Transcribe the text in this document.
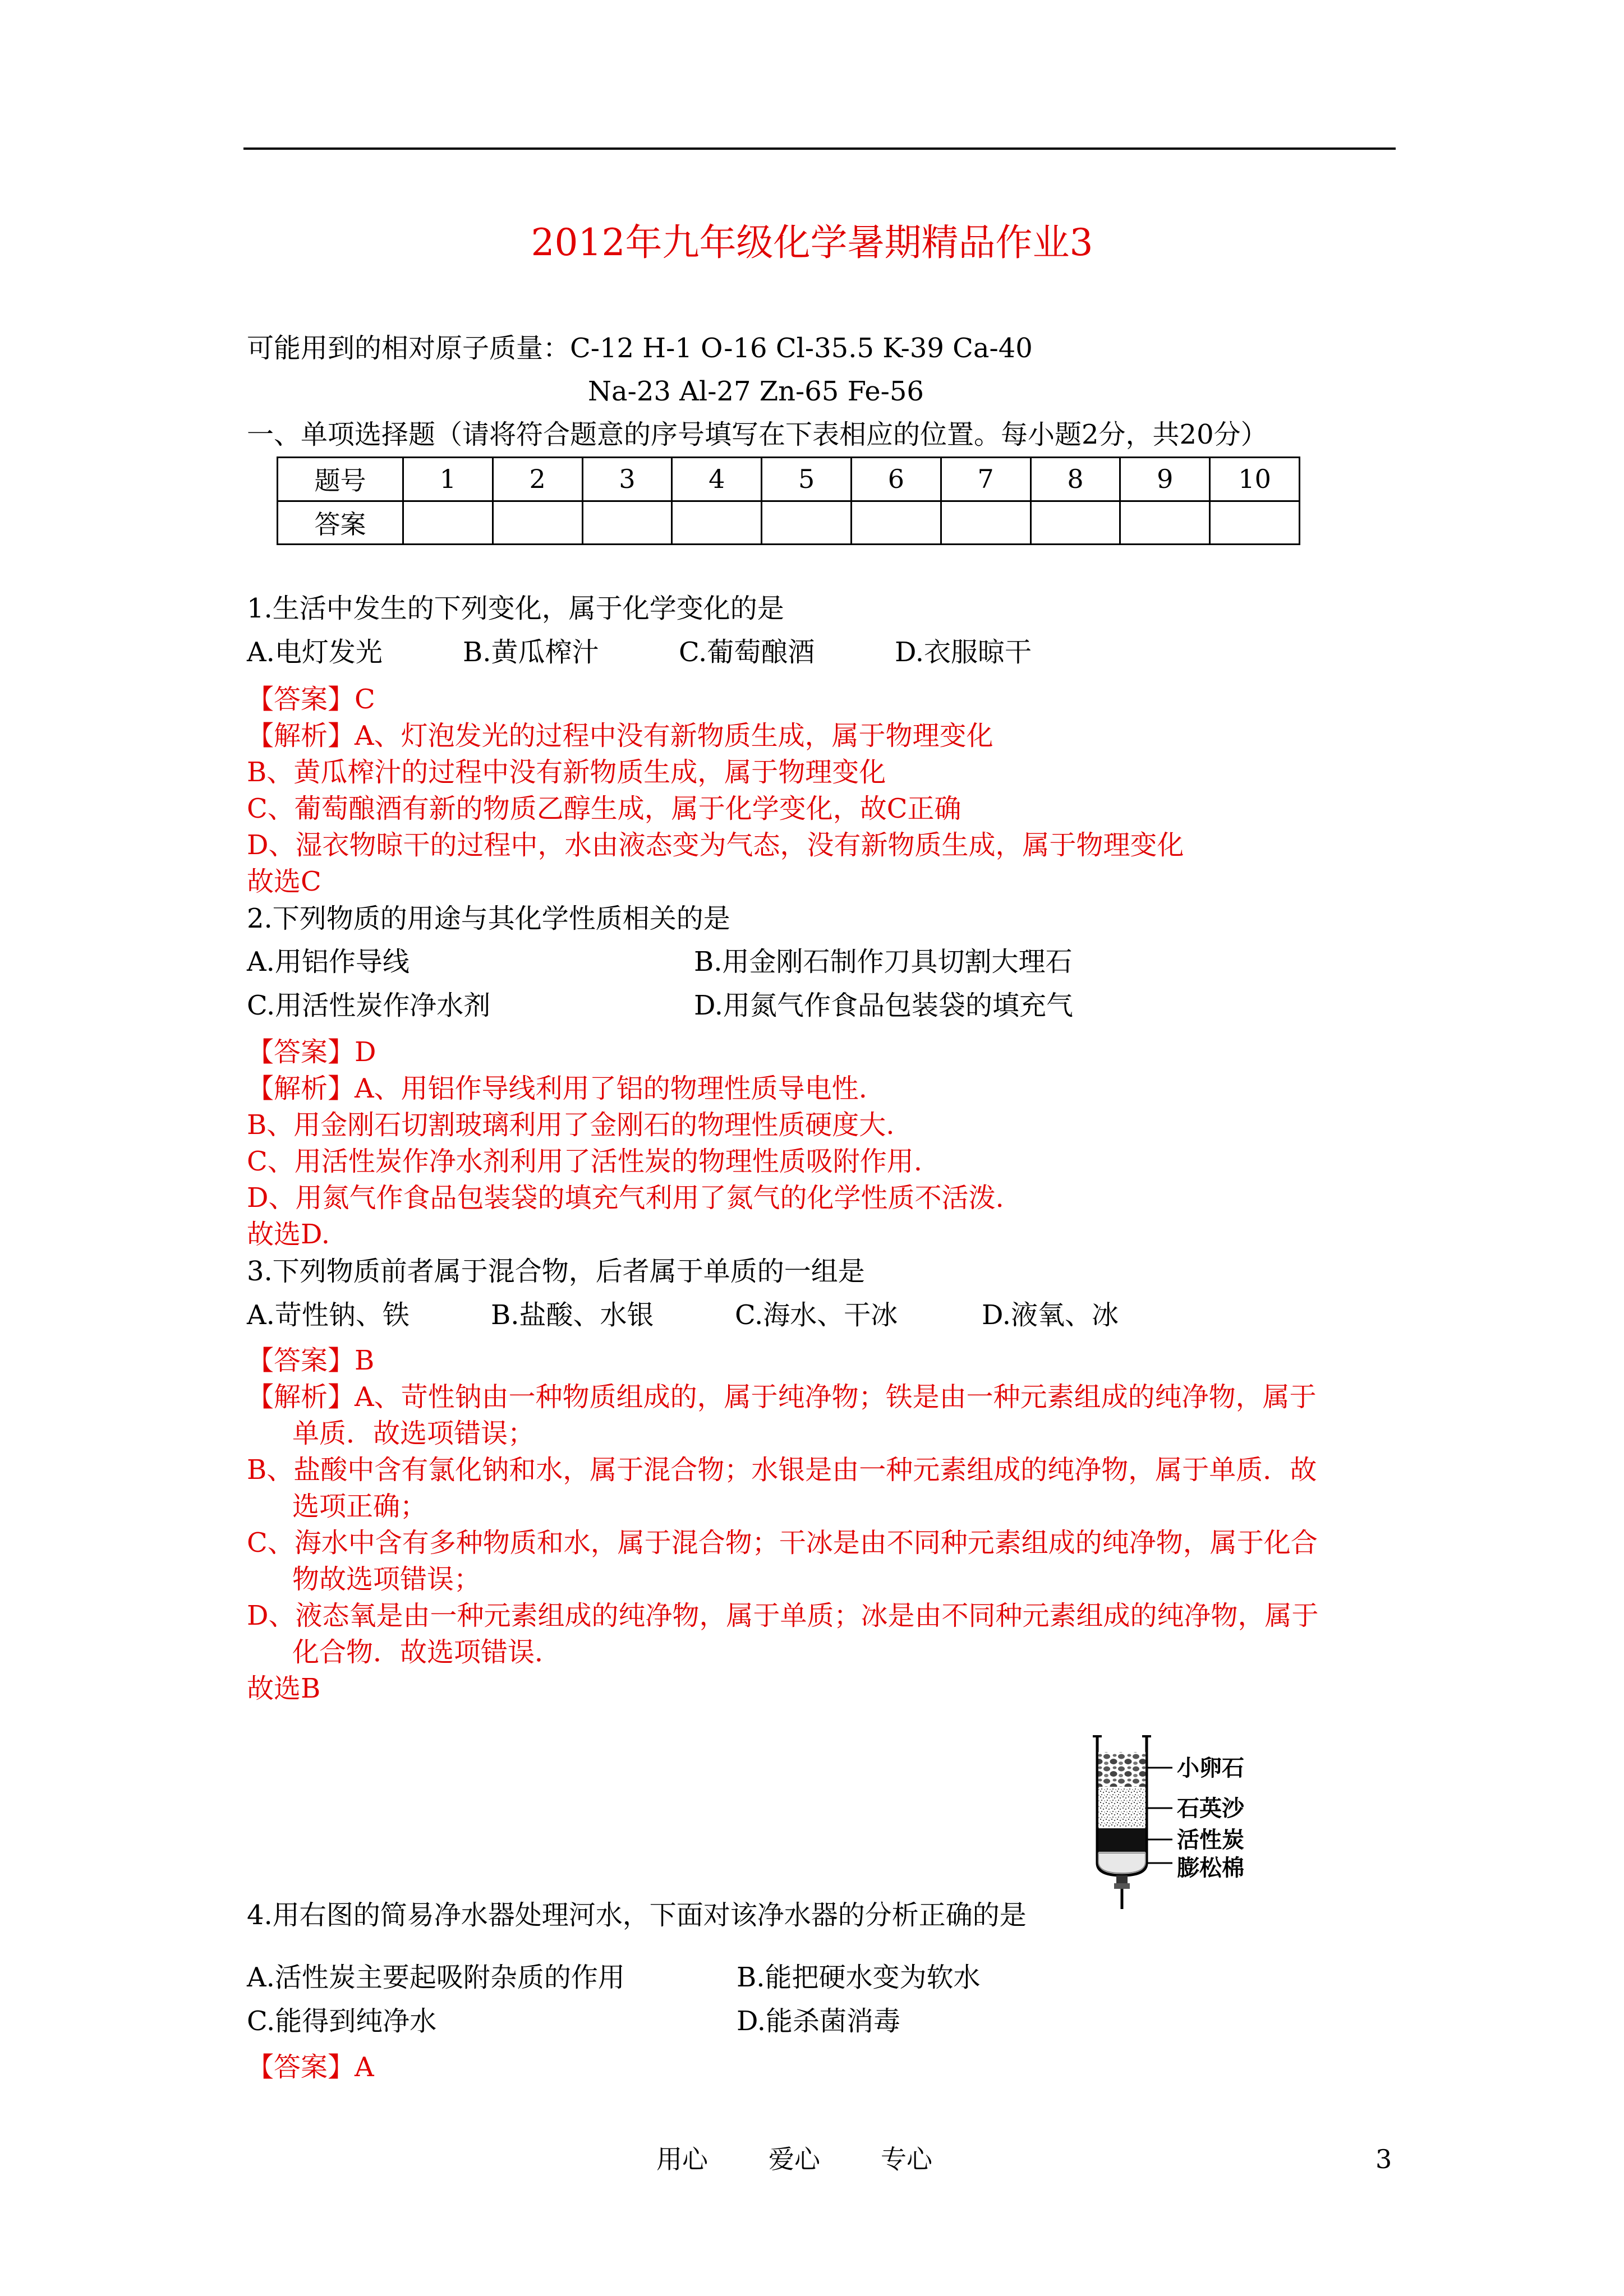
2012年九年级化学暑期精品作业3
可能用到的相对原子质量：C-12 H-1 O-16 Cl-35.5 K-39 Ca-40
Na-23 Al-27 Zn-65 Fe-56
一、单项选择题（请将符合题意的序号填写在下表相应的位置。每小题2分，共20分）
题号	1	2	3	4	5	6	7	8	9	10
答案										
1.生活中发生的下列变化，属于化学变化的是
A.电灯发光	B.黄瓜榨汁	C.葡萄酿酒	D.衣服晾干
【答案】C
【解析】A、灯泡发光的过程中没有新物质生成，属于物理变化
B、黄瓜榨汁的过程中没有新物质生成，属于物理变化
C、葡萄酿酒有新的物质乙醇生成，属于化学变化，故C正确
D、湿衣物晾干的过程中，水由液态变为气态，没有新物质生成，属于物理变化
故选C
2.下列物质的用途与其化学性质相关的是
A.用铝作导线	B.用金刚石制作刀具切割大理石
C.用活性炭作净水剂	D.用氮气作食品包装袋的填充气
【答案】D
【解析】A、用铝作导线利用了铝的物理性质导电性.
B、用金刚石切割玻璃利用了金刚石的物理性质硬度大.
C、用活性炭作净水剂利用了活性炭的物理性质吸附作用.
D、用氮气作食品包装袋的填充气利用了氮气的化学性质不活泼.
故选D.
3.下列物质前者属于混合物，后者属于单质的一组是
A.苛性钠、铁	B.盐酸、水银	C.海水、干冰	D.液氧、冰
【答案】B
【解析】A、苛性钠由一种物质组成的，属于纯净物；铁是由一种元素组成的纯净物，属于
单质．故选项错误；
B、盐酸中含有氯化钠和水，属于混合物；水银是由一种元素组成的纯净物，属于单质．故
选项正确；
C、海水中含有多种物质和水，属于混合物；干冰是由不同种元素组成的纯净物，属于化合
物故选项错误；
D、液态氧是由一种元素组成的纯净物，属于单质；冰是由不同种元素组成的纯净物，属于
化合物．故选项错误．
故选B
小卵石
石英沙
活性炭
膨松棉
4.用右图的简易净水器处理河水，下面对该净水器的分析正确的是
A.活性炭主要起吸附杂质的作用	B.能把硬水变为软水
C.能得到纯净水	D.能杀菌消毒
【答案】A
用心 爱心 专心	3
